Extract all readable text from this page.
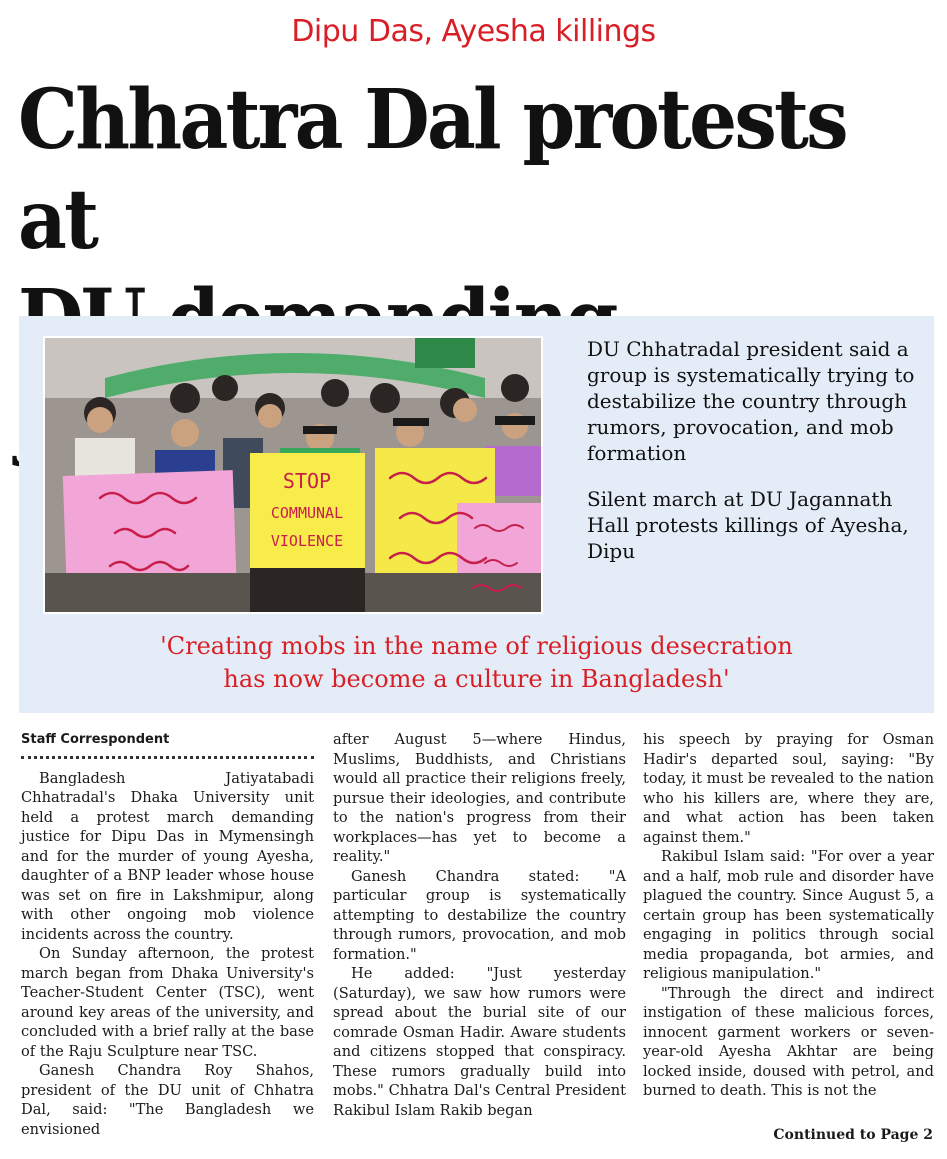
Dipu Das, Ayesha killings
Chhatra Dal protests at
STOP
COMMUNAL
VIOLENCE

DU Chhatradal president said a group is systematically trying to destabilize the country through rumors, provocation, and mob formation

Silent march at DU Jagannath Hall protests killings of Ayesha, Dipu

'Creating mobs in the name of religious desecration
has now become a culture in Bangladesh'
Staff Correspondent

Bangladesh Jatiyatabadi Chhatradal's Dhaka University unit held a protest march demanding justice for Dipu Das in Mymensingh and for the murder of young Ayesha, daughter of a BNP leader whose house was set on fire in Lakshmipur, along with other ongoing mob violence incidents across the country.

On Sunday afternoon, the protest march began from Dhaka University's Teacher-Student Center (TSC), went around key areas of the university, and concluded with a brief rally at the base of the Raju Sculpture near TSC.

Ganesh Chandra Roy Shahos, president of the DU unit of Chhatra Dal, said: "The Bangladesh we envisioned

after August 5—where Hindus, Muslims, Buddhists, and Christians would all practice their religions freely, pursue their ideologies, and contribute to the nation's progress from their workplaces—has yet to become a reality."

Ganesh Chandra stated: "A particular group is systematically attempting to destabilize the country through rumors, provocation, and mob formation."

He added: "Just yesterday (Saturday), we saw how rumors were spread about the burial site of our comrade Osman Hadir. Aware students and citizens stopped that conspiracy. These rumors gradually build into mobs." Chhatra Dal's Central President Rakibul Islam Rakib began

his speech by praying for Osman Hadir's departed soul, saying: "By today, it must be revealed to the nation who his killers are, where they are, and what action has been taken against them."

Rakibul Islam said: "For over a year and a half, mob rule and disorder have plagued the country. Since August 5, a certain group has been systematically engaging in politics through social media propaganda, bot armies, and religious manipulation."

"Through the direct and indirect instigation of these malicious forces, innocent garment workers or seven-year-old Ayesha Akhtar are being locked inside, doused with petrol, and burned to death. This is not the

Continued to Page 2
